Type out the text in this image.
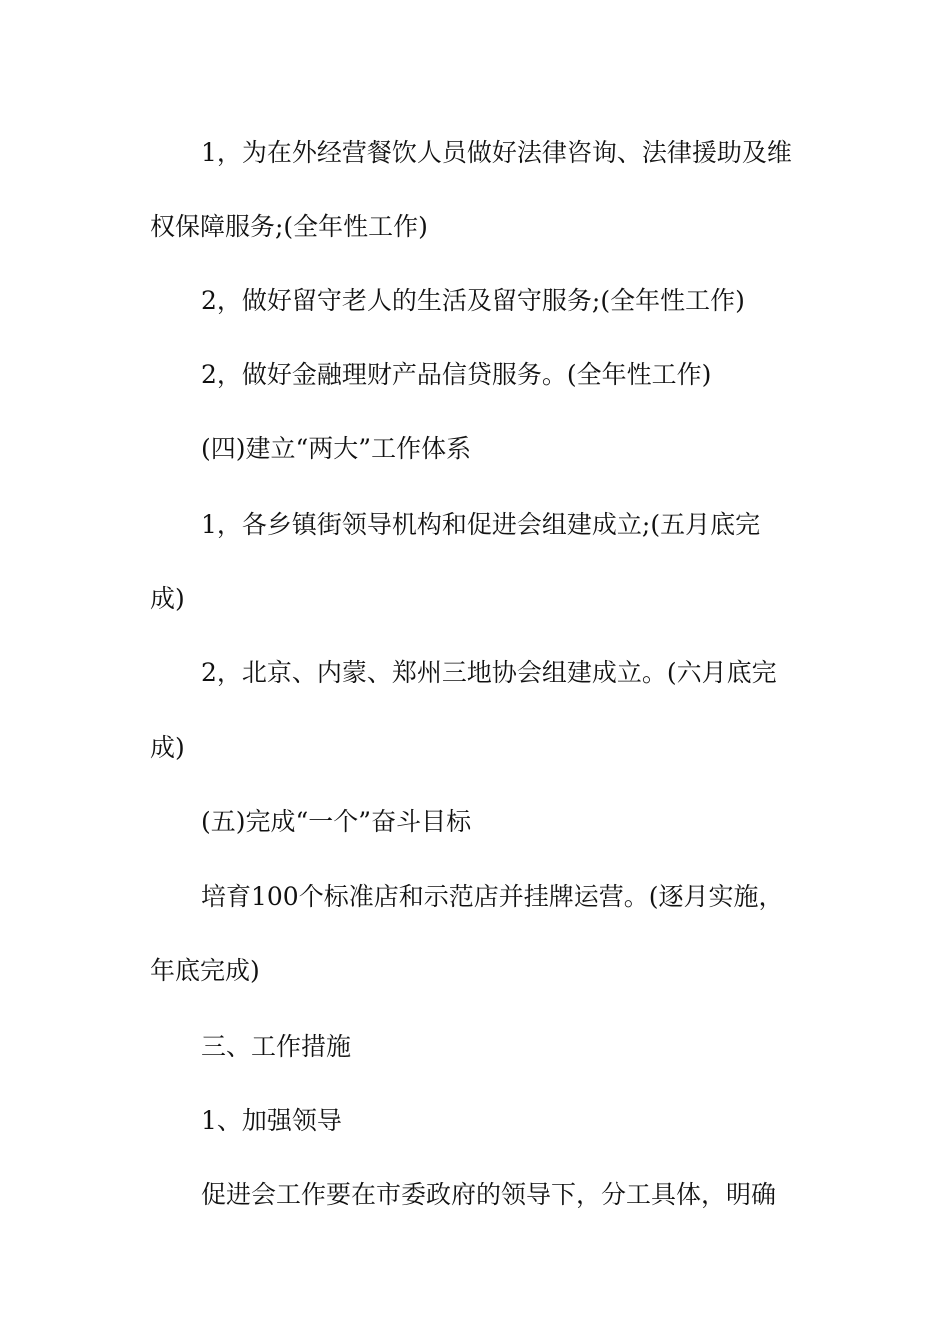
1，为在外经营餐饮人员做好法律咨询、法律援助及维
权保障服务;(全年性工作)
2，做好留守老人的生活及留守服务;(全年性工作)
2，做好金融理财产品信贷服务。(全年性工作)
(四)建立“两大”工作体系
1，各乡镇街领导机构和促进会组建成立;(五月底完
成)
2，北京、内蒙、郑州三地协会组建成立。(六月底完
成)
(五)完成“一个”奋斗目标
培育100个标准店和示范店并挂牌运营。(逐月实施，
年底完成)
三、工作措施
1、加强领导
促进会工作要在市委政府的领导下，分工具体，明确
